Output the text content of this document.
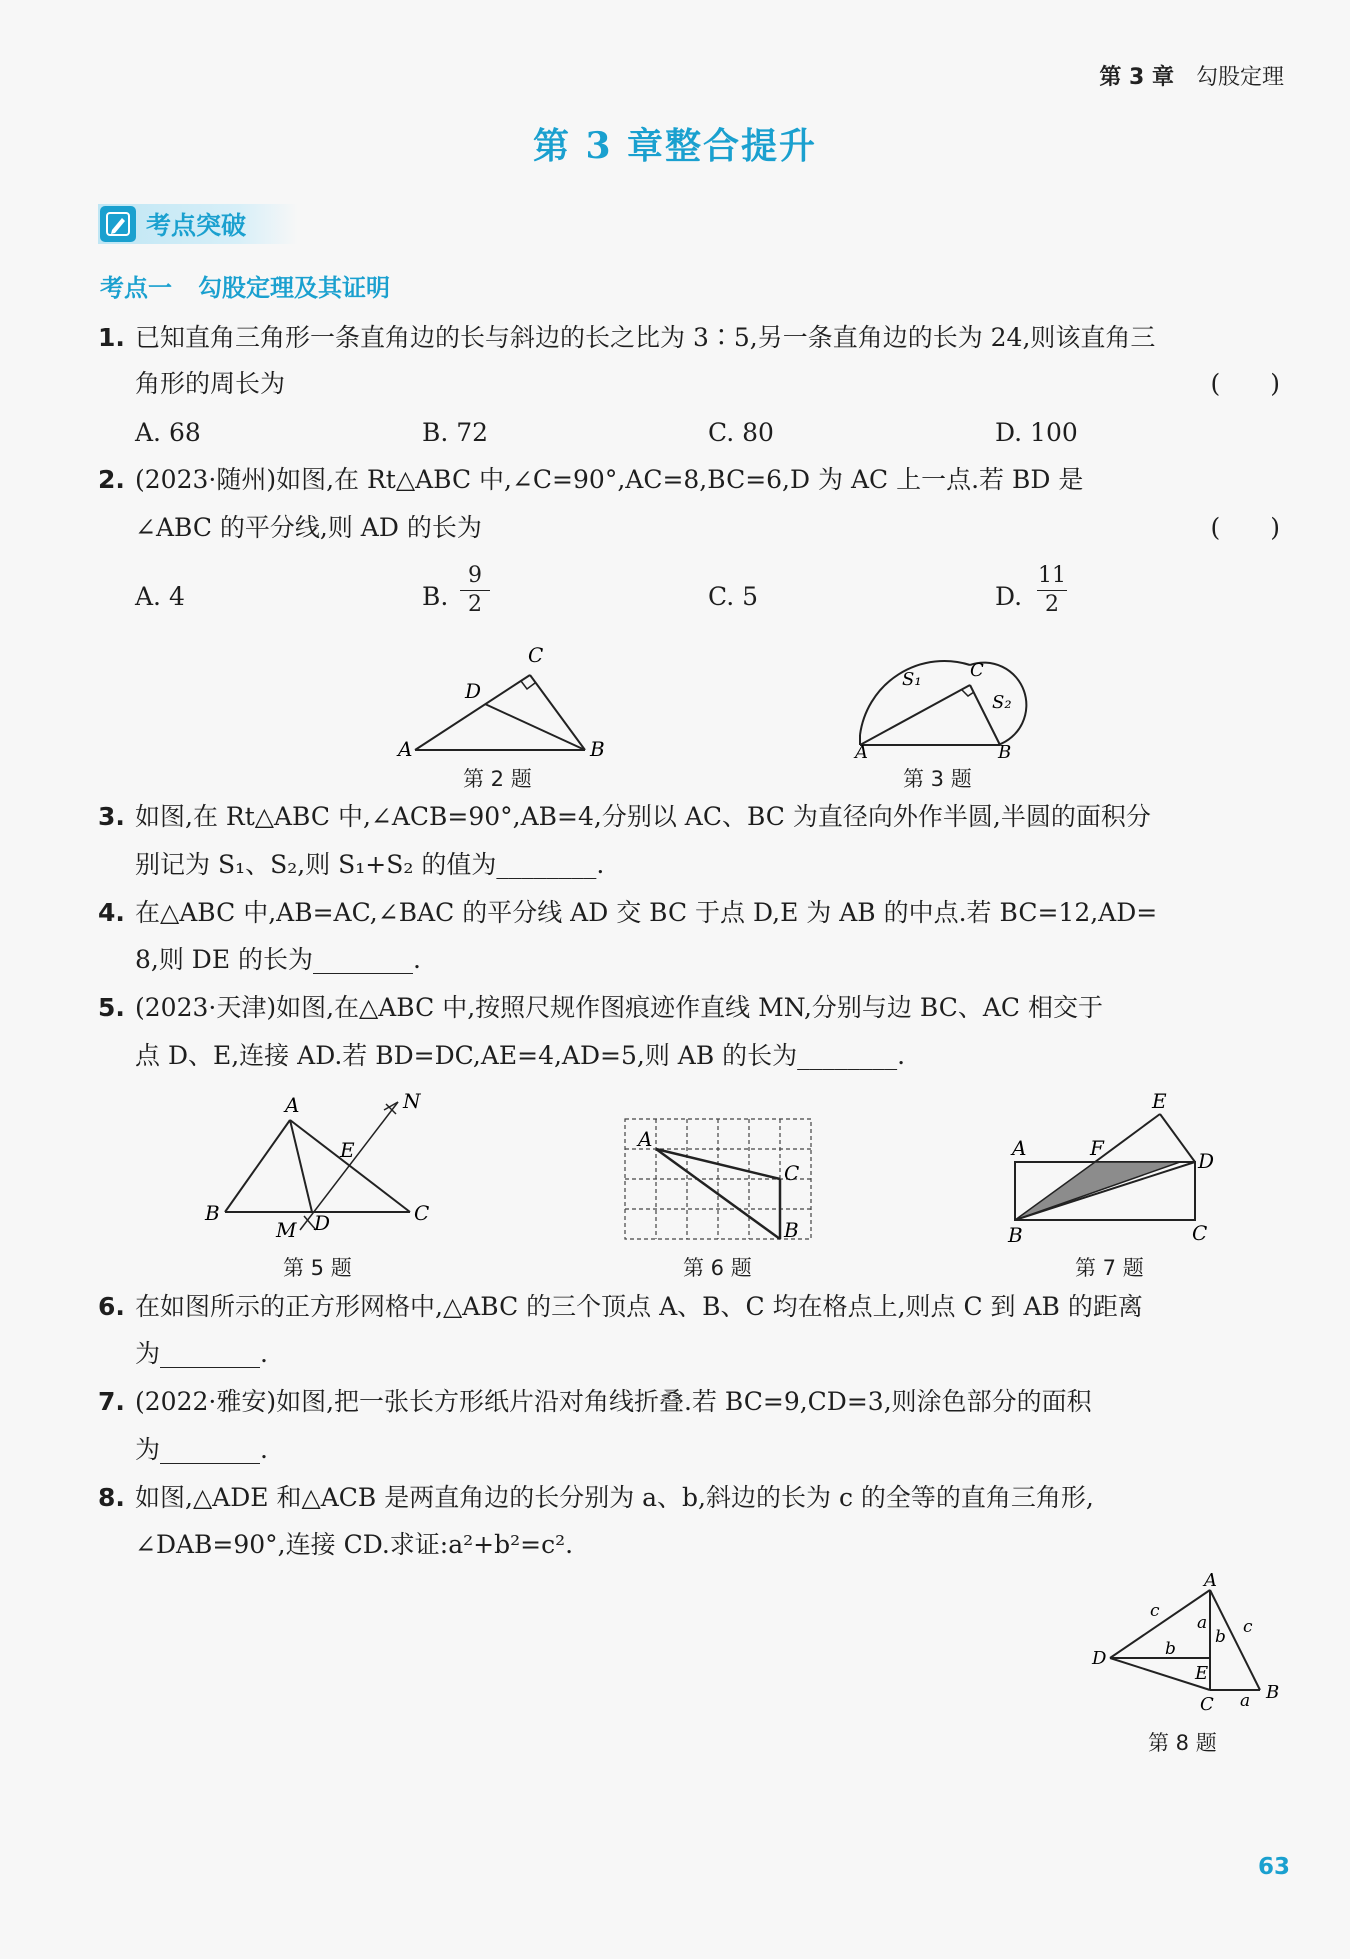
第 3 章 勾股定理
第 3 章整合提升
考点突破
考点一 勾股定理及其证明
1. 已知直角三角形一条直角边的长与斜边的长之比为 3∶5,另一条直角边的长为 24,则该直角三
角形的周长为	(　　)
A. 68	B. 72	C. 80	D. 100
2. (2023·随州)如图,在 Rt△ABC 中,∠C=90°,AC=8,BC=6,D 为 AC 上一点.若 BD 是
∠ABC 的平分线,则 AD 的长为	(　　)
A. 4	B.
9
2	C. 5	D.
11
2
A	B
C
D
第 2 题
A	B
C
S₁
S₂
第 3 题
3. 如图,在 Rt△ABC 中,∠ACB=90°,AB=4,分别以 AC、BC 为直径向外作半圆,半圆的面积分
别记为 S₁、S₂,则 S₁+S₂ 的值为________.
4. 在△ABC 中,AB=AC,∠BAC 的平分线 AD 交 BC 于点 D,E 为 AB 的中点.若 BC=12,AD=
8,则 DE 的长为________.
5. (2023·天津)如图,在△ABC 中,按照尺规作图痕迹作直线 MN,分别与边 BC、AC 相交于
点 D、E,连接 AD.若 BD=DC,AE=4,AD=5,则 AB 的长为________.
A
B	C
D
E
M
N
第 5 题
A
B
C
第 6 题
A
B	C
D
E
F
第 7 题
6. 在如图所示的正方形网格中,△ABC 的三个顶点 A、B、C 均在格点上,则点 C 到 AB 的距离
为________.
7. (2022·雅安)如图,把一张长方形纸片沿对角线折叠.若 BC=9,CD=3,则涂色部分的面积
为________.
8. 如图,△ADE 和△ACB 是两直角边的长分别为 a、b,斜边的长为 c 的全等的直角三角形,
∠DAB=90°,连接 CD.求证:a²+b²=c².
A
B
C
D
E
a
a
b
b
c
c
第 8 题
63
